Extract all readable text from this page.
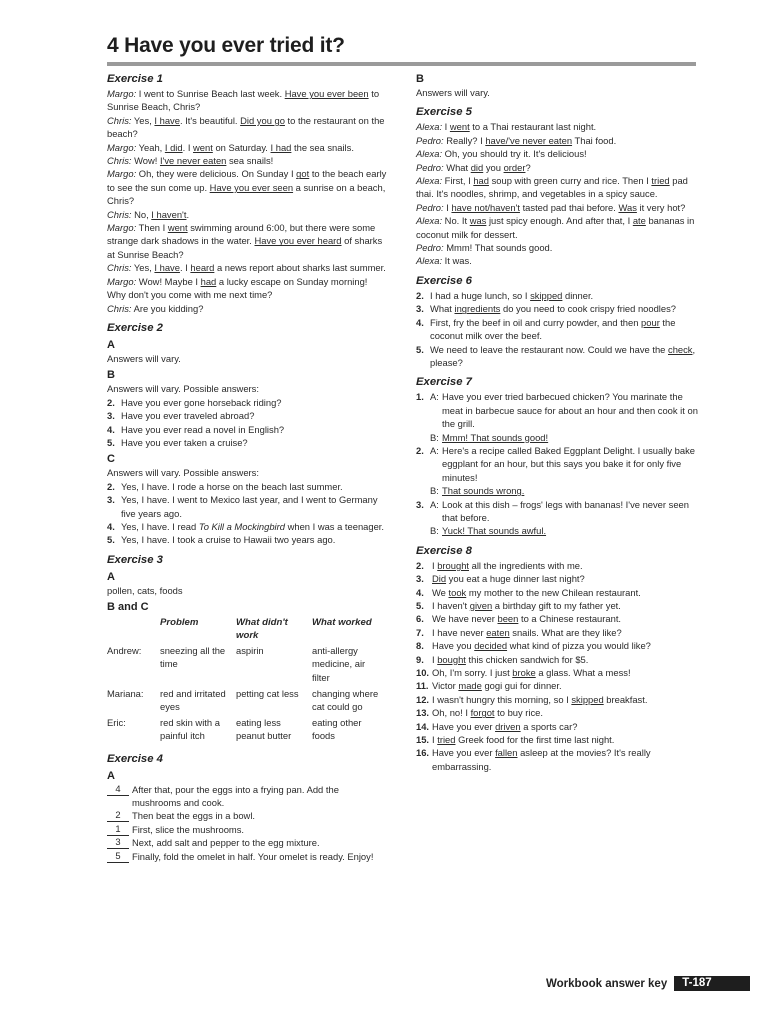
4 Have you ever tried it?
Exercise 1
Margo: I went to Sunrise Beach last week. Have you ever been to Sunrise Beach, Chris?
Chris: Yes, I have. It's beautiful. Did you go to the restaurant on the beach?
Margo: Yeah, I did. I went on Saturday. I had the sea snails.
Chris: Wow! I've never eaten sea snails!
Margo: Oh, they were delicious. On Sunday I got to the beach early to see the sun come up. Have you ever seen a sunrise on a beach, Chris?
Chris: No, I haven't.
Margo: Then I went swimming around 6:00, but there were some strange dark shadows in the water. Have you ever heard of sharks at Sunrise Beach?
Chris: Yes, I have. I heard a news report about sharks last summer.
Margo: Wow! Maybe I had a lucky escape on Sunday morning! Why don't you come with me next time?
Chris: Are you kidding?
Exercise 2
A
Answers will vary.
B
Answers will vary. Possible answers:
2. Have you ever gone horseback riding?
3. Have you ever traveled abroad?
4. Have you ever read a novel in English?
5. Have you ever taken a cruise?
C
Answers will vary. Possible answers:
2. Yes, I have. I rode a horse on the beach last summer.
3. Yes, I have. I went to Mexico last year, and I went to Germany five years ago.
4. Yes, I have. I read To Kill a Mockingbird when I was a teenager.
5. Yes, I have. I took a cruise to Hawaii two years ago.
Exercise 3
A
pollen, cats, foods
B and C
	Problem	What didn't work	What worked
Andrew:	sneezing all the time	aspirin	anti-allergy medicine, air filter
Mariana:	red and irritated eyes	petting cat less	changing where cat could go
Eric:	red skin with a painful itch	eating less peanut butter	eating other foods
Exercise 4
A
4	After that, pour the eggs into a frying pan. Add the mushrooms and cook.
2	Then beat the eggs in a bowl.
1	First, slice the mushrooms.
3	Next, add salt and pepper to the egg mixture.
5	Finally, fold the omelet in half. Your omelet is ready. Enjoy!
B
Answers will vary.
Exercise 5
Alexa: I went to a Thai restaurant last night.
Pedro: Really? I have/'ve never eaten Thai food.
Alexa: Oh, you should try it. It's delicious!
Pedro: What did you order?
Alexa: First, I had soup with green curry and rice. Then I tried pad thai. It's noodles, shrimp, and vegetables in a spicy sauce.
Pedro: I have not/haven't tasted pad thai before. Was it very hot?
Alexa: No. It was just spicy enough. And after that, I ate bananas in coconut milk for dessert.
Pedro: Mmm! That sounds good.
Alexa: It was.
Exercise 6
2. I had a huge lunch, so I skipped dinner.
3. What ingredients do you need to cook crispy fried noodles?
4. First, fry the beef in oil and curry powder, and then pour the coconut milk over the beef.
5. We need to leave the restaurant now. Could we have the check, please?
Exercise 7
1. A: Have you ever tried barbecued chicken? You marinate the meat in barbecue sauce for about an hour and then cook it on the grill.
B: Mmm! That sounds good!
2. A: Here's a recipe called Baked Eggplant Delight. I usually bake eggplant for an hour, but this says you bake it for only five minutes!
B: That sounds wrong.
3. A: Look at this dish – frogs' legs with bananas! I've never seen that before.
B: Yuck! That sounds awful.
Exercise 8
2. I brought all the ingredients with me.
3. Did you eat a huge dinner last night?
4. We took my mother to the new Chilean restaurant.
5. I haven't given a birthday gift to my father yet.
6. We have never been to a Chinese restaurant.
7. I have never eaten snails. What are they like?
8. Have you decided what kind of pizza you would like?
9. I bought this chicken sandwich for $5.
10. Oh, I'm sorry. I just broke a glass. What a mess!
11. Victor made gogi gui for dinner.
12. I wasn't hungry this morning, so I skipped breakfast.
13. Oh, no! I forgot to buy rice.
14. Have you ever driven a sports car?
15. I tried Greek food for the first time last night.
16. Have you ever fallen asleep at the movies? It's really embarrassing.
Workbook answer key	T-187
